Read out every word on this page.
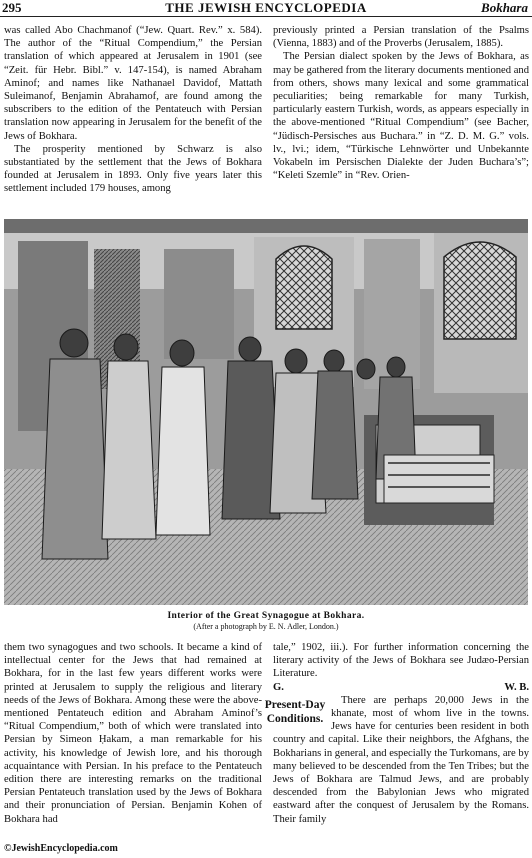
295	THE JEWISH ENCYCLOPEDIA	Bokhara

was called Abo Chachmanof (“Jew. Quart. Rev.” x. 584). The author of the “Ritual Compendium,” the Persian translation of which appeared at Jerusalem in 1901 (see “Zeit. für Hebr. Bibl.” v. 147-154), is named Abraham Aminof; and names like Nathanael Davidof, Mattath Suleimanof, Benjamin Abrahamof, are found among the subscribers to the edition of the Pentateuch with Persian translation now appearing in Jerusalem for the benefit of the Jews of Bokhara.

The prosperity mentioned by Schwarz is also substantiated by the settlement that the Jews of Bokhara founded at Jerusalem in 1893. Only five years later this settlement included 179 houses, among

previously printed a Persian translation of the Psalms (Vienna, 1883) and of the Proverbs (Jerusalem, 1885).

The Persian dialect spoken by the Jews of Bokhara, as may be gathered from the literary documents mentioned and from others, shows many lexical and some grammatical peculiarities; being remarkable for many Turkish, particularly eastern Turkish, words, as appears especially in the above-mentioned “Ritual Compendium” (see Bacher, “Jüdisch-Persisches aus Buchara.” in “Z. D. M. G.” vols. lv., lvi.; idem, “Türkische Lehnwörter und Unbekannte Vokabeln im Persischen Dialekte der Juden Buchara’s”; “Keleti Szemle” in “Rev. Orien-

Interior of the Great Synagogue at Bokhara.
(After a photograph by E. N. Adler, London.)

them two synagogues and two schools. It became a kind of intellectual center for the Jews that had remained at Bokhara, for in the last few years different works were printed at Jerusalem to supply the religious and literary needs of the Jews of Bokhara. Among these were the above-mentioned Pentateuch edition and Abraham Aminof’s “Ritual Compendium,” both of which were translated into Persian by Simeon Ḥakam, a man remarkable for his activity, his knowledge of Jewish lore, and his thorough acquaintance with Persian. In his preface to the Pentateuch edition there are interesting remarks on the traditional Persian Pentateuch translation used by the Jews of Bokhara and their pronunciation of Persian. Benjamin Kohen of Bokhara had

tale,” 1902, iii.). For further information concerning the literary activity of the Jews of Bokhara see Judæo-Persian Literature.

G.	W. B.
Present-Day Conditions.

There are perhaps 20,000 Jews in the khanate, most of whom live in the towns. Jews have for centuries been resident in both country and capital. Like their neighbors, the Afghans, the Bokharians in general, and especially the Turkomans, are by many believed to be descended from the Ten Tribes; but the Jews of Bokhara are Talmud Jews, and are probably descended from the Babylonian Jews who migrated eastward after the conquest of Jerusalem by the Romans. Their family

©JewishEncyclopedia.com
